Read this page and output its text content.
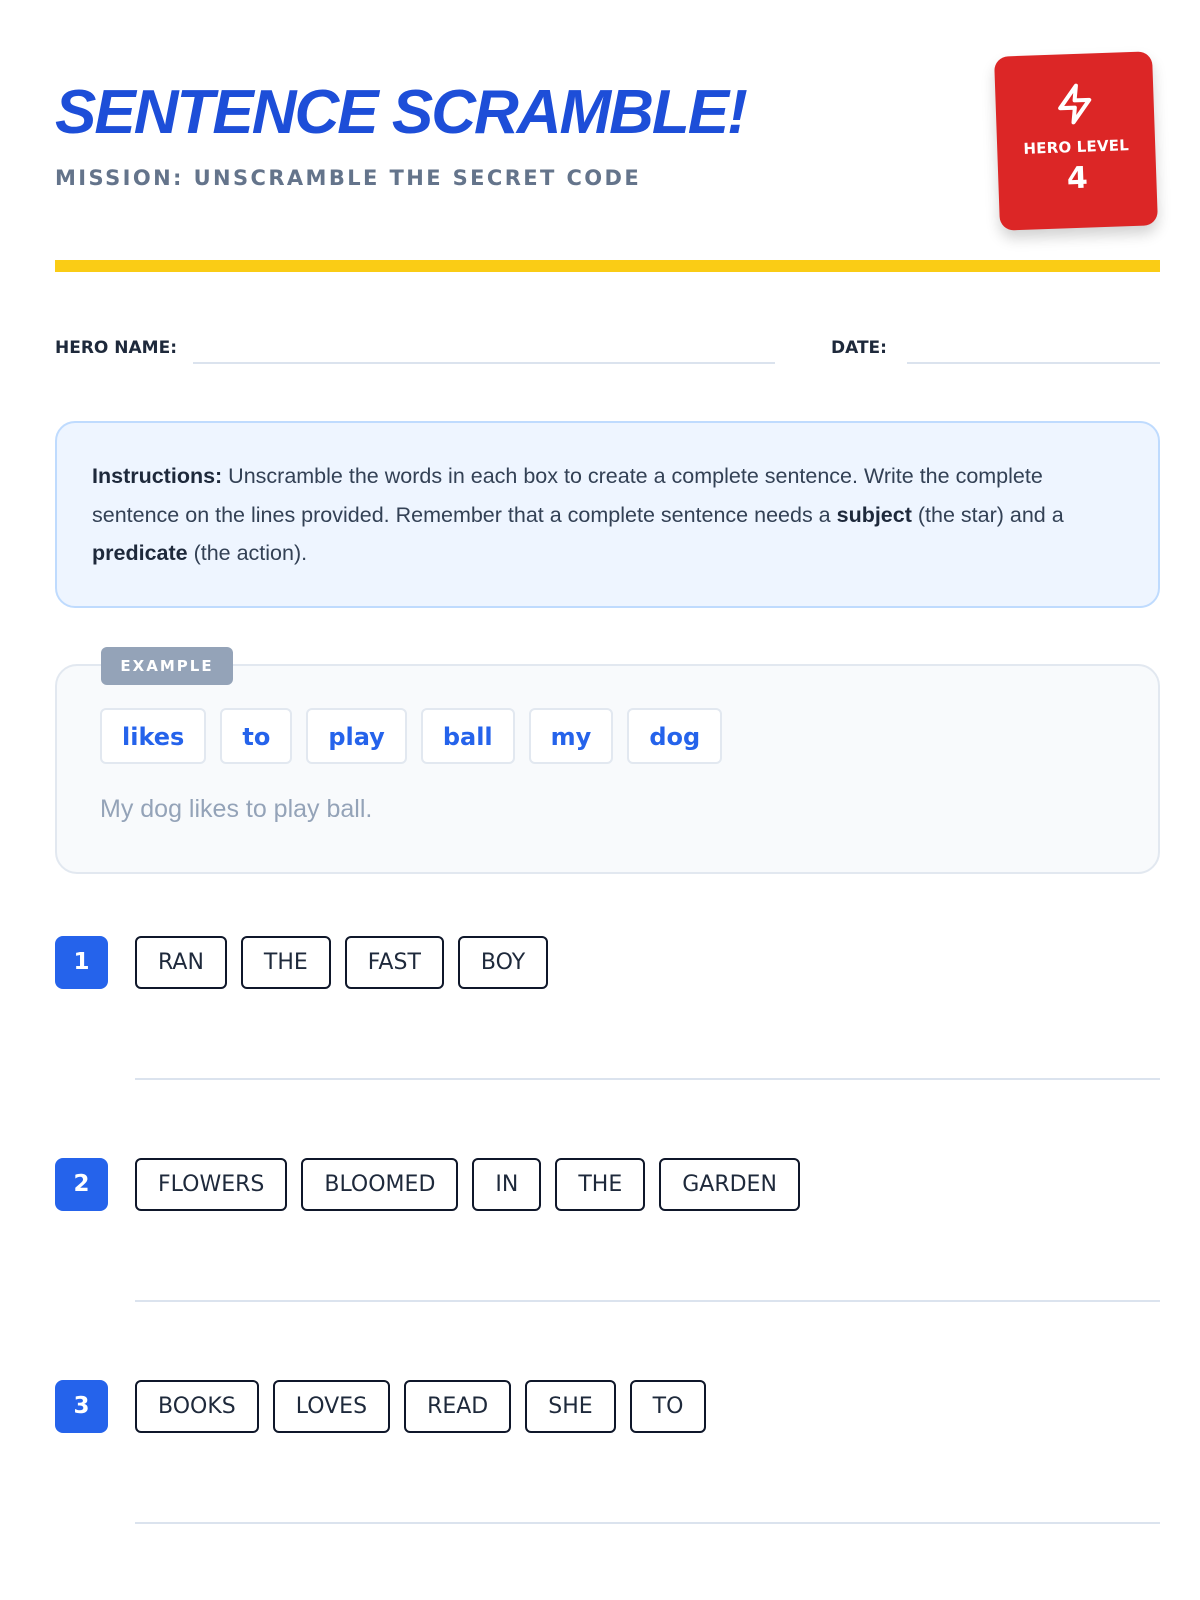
SENTENCE SCRAMBLE!
MISSION: UNSCRAMBLE THE SECRET CODE
HERO LEVEL
4
HERO NAME:	DATE:
Instructions: Unscramble the words in each box to create a complete sentence. Write the complete sentence on the lines provided. Remember that a complete sentence needs a subject (the star) and a predicate (the action).
EXAMPLE
likes	to	play	ball	my	dog
My dog likes to play ball.
1	RAN	THE	FAST	BOY
2	FLOWERS	BLOOMED	IN	THE	GARDEN
3	BOOKS	LOVES	READ	SHE	TO
